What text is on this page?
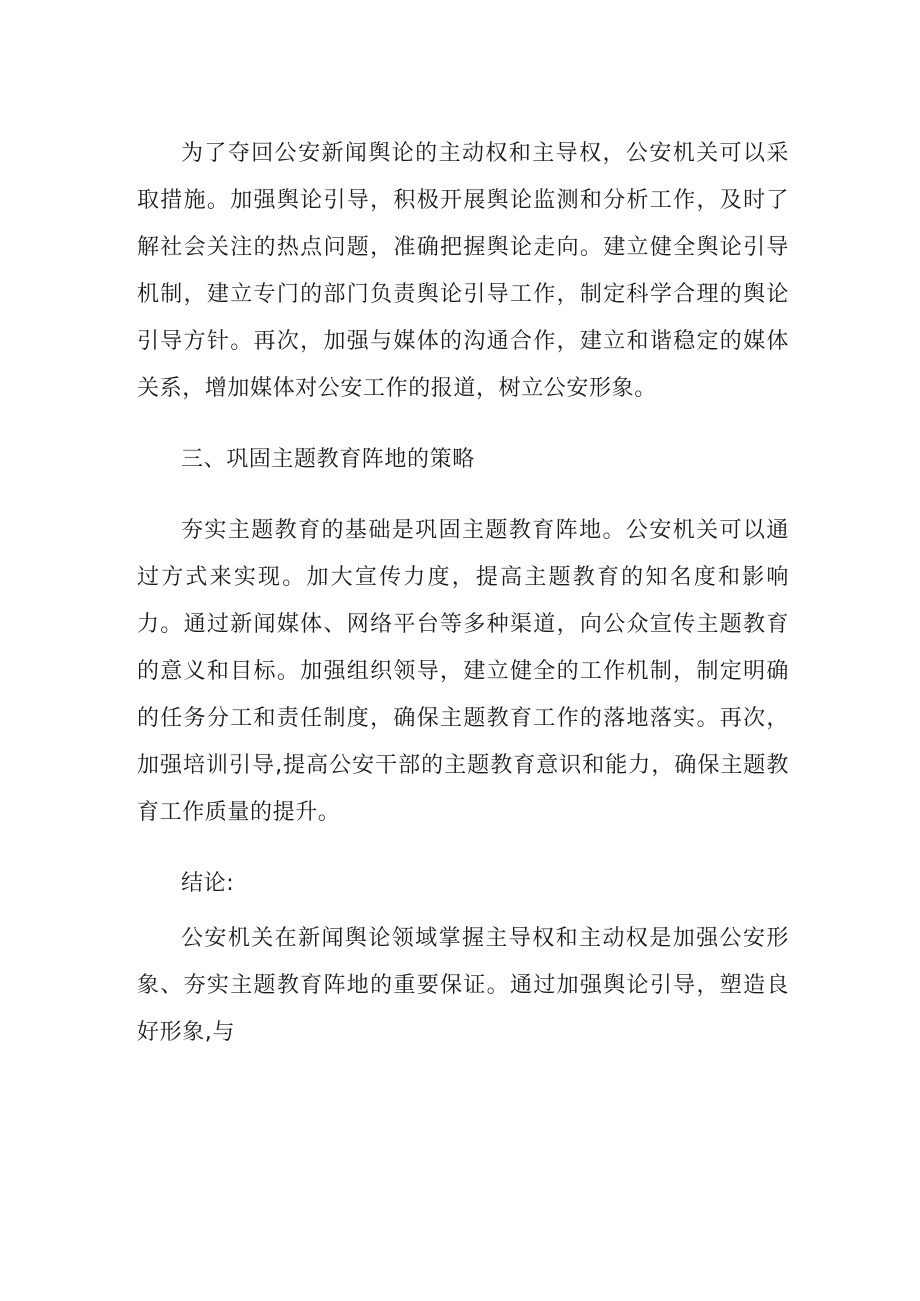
为了夺回公安新闻舆论的主动权和主导权，公安机关可以采取措施。加强舆论引导，积极开展舆论监测和分析工作，及时了解社会关注的热点问题，准确把握舆论走向。建立健全舆论引导机制，建立专门的部门负责舆论引导工作，制定科学合理的舆论引导方针。再次，加强与媒体的沟通合作，建立和谐稳定的媒体关系，增加媒体对公安工作的报道，树立公安形象。

三、巩固主题教育阵地的策略

夯实主题教育的基础是巩固主题教育阵地。公安机关可以通过方式来实现。加大宣传力度，提高主题教育的知名度和影响力。通过新闻媒体、网络平台等多种渠道，向公众宣传主题教育的意义和目标。加强组织领导，建立健全的工作机制，制定明确的任务分工和责任制度，确保主题教育工作的落地落实。再次，加强培训引导,提高公安干部的主题教育意识和能力，确保主题教育工作质量的提升。

结论:

公安机关在新闻舆论领域掌握主导权和主动权是加强公安形象、夯实主题教育阵地的重要保证。通过加强舆论引导，塑造良好形象,与
